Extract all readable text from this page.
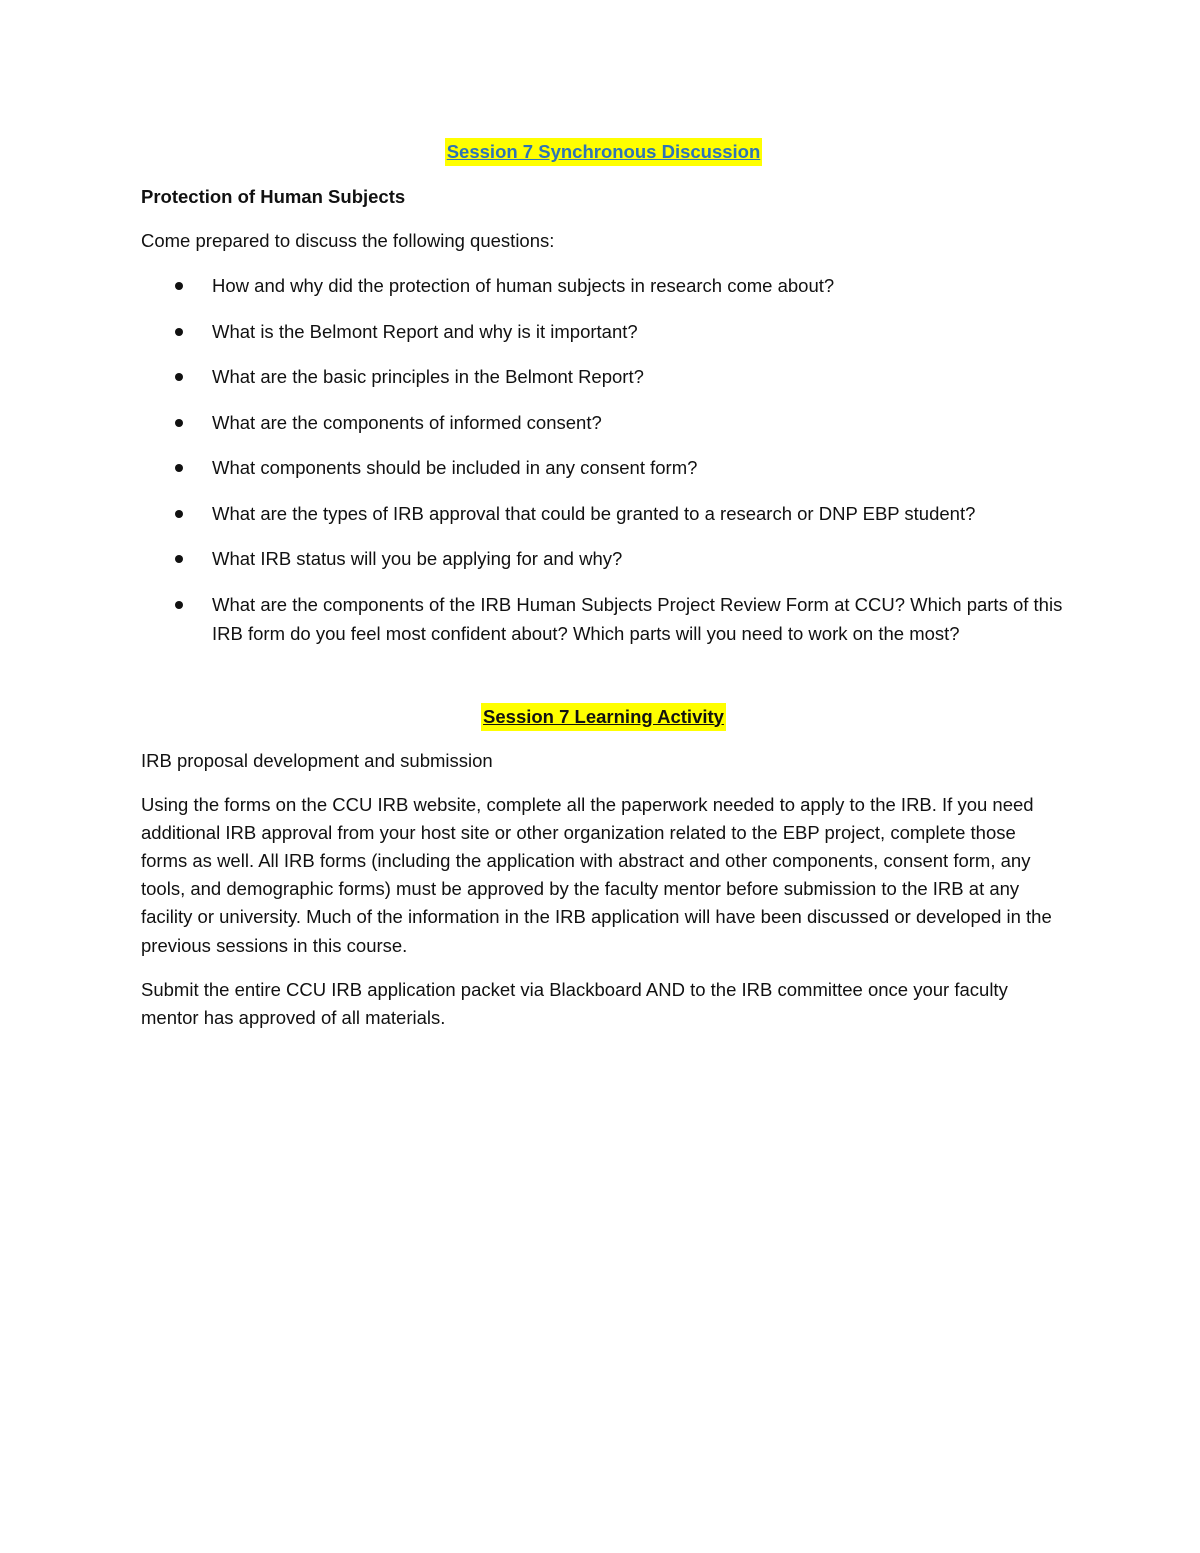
Session 7 Synchronous Discussion

Protection of Human Subjects

Come prepared to discuss the following questions:

How and why did the protection of human subjects in research come about?
What is the Belmont Report and why is it important?
What are the basic principles in the Belmont Report?
What are the components of informed consent?
What components should be included in any consent form?
What are the types of IRB approval that could be granted to a research or DNP EBP student?
What IRB status will you be applying for and why?
What are the components of the IRB Human Subjects Project Review Form at CCU? Which parts of this IRB form do you feel most confident about? Which parts will you need to work on the most?
Session 7 Learning Activity

IRB proposal development and submission

Using the forms on the CCU IRB website, complete all the paperwork needed to apply to the IRB. If you need additional IRB approval from your host site or other organization related to the EBP project, complete those forms as well. All IRB forms (including the application with abstract and other components, consent form, any tools, and demographic forms) must be approved by the faculty mentor before submission to the IRB at any facility or university. Much of the information in the IRB application will have been discussed or developed in the previous sessions in this course.

Submit the entire CCU IRB application packet via Blackboard AND to the IRB committee once your faculty mentor has approved of all materials.
